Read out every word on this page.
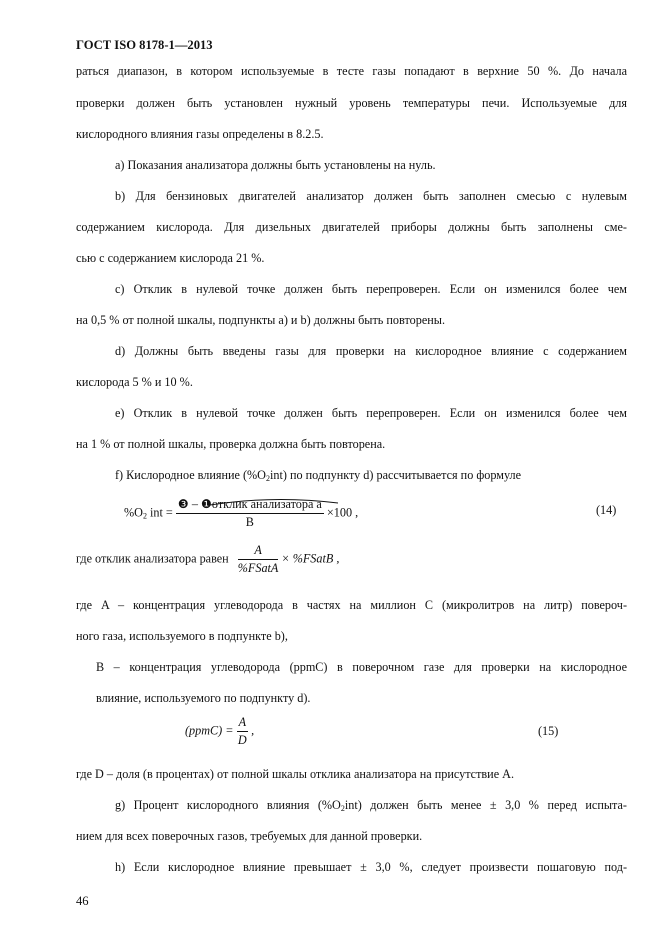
ГОСТ ISO 8178-1—2013
ратьcя диапазон, в котором используемые в тесте газы попадают в верхние 50 %. До начала
проверки должен быть установлен нужный уровень температуры печи. Используемые для
кислородного влияния газы определены в 8.2.5.
a) Показания анализатора должны быть установлены на нуль.
b) Для бензиновых двигателей анализатор должен быть заполнен смесью с нулевым
содержанием кислорода. Для дизельных двигателей приборы должны быть заполнены сме-
сью с содержанием кислорода 21 %.
c) Отклик в нулевой точке должен быть перепроверен. Если он изменился более чем
на 0,5 % от полной шкалы, подпункты a) и b) должны быть повторены.
d) Должны быть введены газы для проверки на кислородное влияние с содержанием
кислорода 5 % и 10 %.
e) Отклик в нулевой точке должен быть перепроверен. Если он изменился более чем
на 1 % от полной шкалы, проверка должна быть повторена.
f) Кислородное влияние $(\%O_2int)$ по подпункту d) рассчитывается по формуле
$\%O_2$ int = $\frac{\text{❸ – ❶отклик анализатора а}}{B} \times 100$ ,	(14)
где отклик анализатора равен $\frac{A}{\text{\%FSatA}}$ × %FSatB ,
где A – концентрация углеводорода в частях на миллион C (микролитров на литр) повероч-
ного газа, используемого в подпункте b),
B – концентрация углеводорода (ppmC) в поверочном газе для проверки на кислородное
влияние, используемого по подпункту d).
(ppmC) = $\frac{A}{D}$ ,	(15)
где D – доля (в процентах) от полной шкалы отклика анализатора на присутствие A.
g) Процент кислородного влияния $(\%O_2int)$ должен быть менее ± 3,0 % перед испыта-
нием для всех поверочных газов, требуемых для данной проверки.
h) Если кислородное влияние превышает ± 3,0 %, следует произвести пошаговую под-
46
